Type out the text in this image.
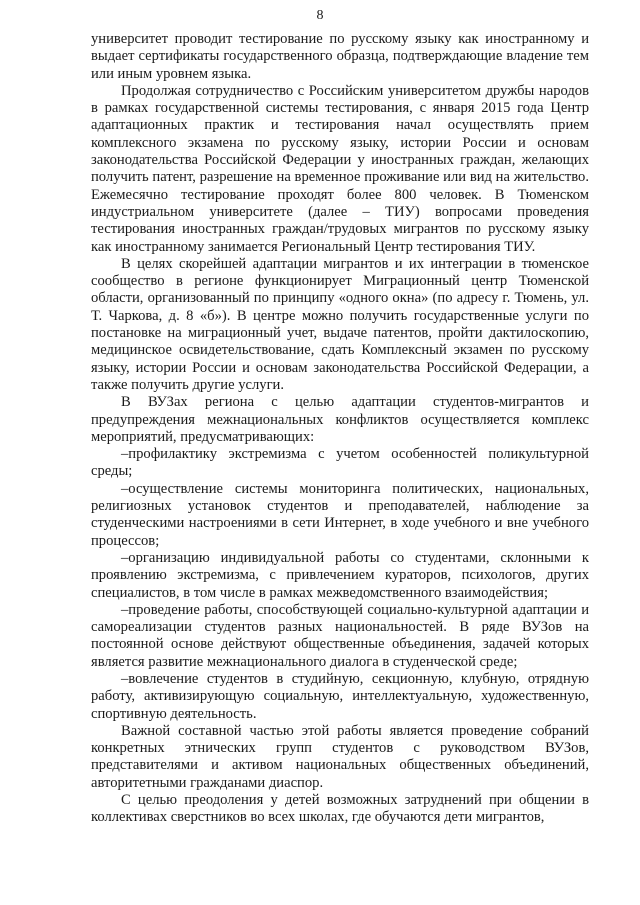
8

университет проводит тестирование по русскому языку как иностранному и выдает сертификаты государственного образца, подтверждающие владение тем или иным уровнем языка.

Продолжая сотрудничество с Российским университетом дружбы народов в рамках государственной системы тестирования, с января 2015 года Центр адаптационных практик и тестирования начал осуществлять прием комплексного экзамена по русскому языку, истории России и основам законодательства Российской Федерации у иностранных граждан, желающих получить патент, разрешение на временное проживание или вид на жительство. Ежемесячно тестирование проходят более 800 человек. В Тюменском индустриальном университете (далее – ТИУ) вопросами проведения тестирования иностранных граждан/трудовых мигрантов по русскому языку как иностранному занимается Региональный Центр тестирования ТИУ.

В целях скорейшей адаптации мигрантов и их интеграции в тюменское сообщество в регионе функционирует Миграционный центр Тюменской области, организованный по принципу «одного окна» (по адресу г. Тюмень, ул. Т. Чаркова, д. 8 «б»). В центре можно получить государственные услуги по постановке на миграционный учет, выдаче патентов, пройти дактилоскопию, медицинское освидетельствование, сдать Комплексный экзамен по русскому языку, истории России и основам законодательства Российской Федерации, а также получить другие услуги.

В ВУЗах региона с целью адаптации студентов-мигрантов и предупреждения межнациональных конфликтов осуществляется комплекс мероприятий, предусматривающих:

–профилактику экстремизма с учетом особенностей поликультурной среды;

–осуществление системы мониторинга политических, национальных, религиозных установок студентов и преподавателей, наблюдение за студенческими настроениями в сети Интернет, в ходе учебного и вне учебного процессов;

–организацию индивидуальной работы со студентами, склонными к проявлению экстремизма, с привлечением кураторов, психологов, других специалистов, в том числе в рамках межведомственного взаимодействия;

–проведение работы, способствующей социально-культурной адаптации и самореализации студентов разных национальностей. В ряде ВУЗов на постоянной основе действуют общественные объединения, задачей которых является развитие межнационального диалога в студенческой среде;

–вовлечение студентов в студийную, секционную, клубную, отрядную работу, активизирующую социальную, интеллектуальную, художественную, спортивную деятельность.

Важной составной частью этой работы является проведение собраний конкретных этнических групп студентов с руководством ВУЗов, представителями и активом национальных общественных объединений, авторитетными гражданами диаспор.

С целью преодоления у детей возможных затруднений при общении в коллективах сверстников во всех школах, где обучаются дети мигрантов,
